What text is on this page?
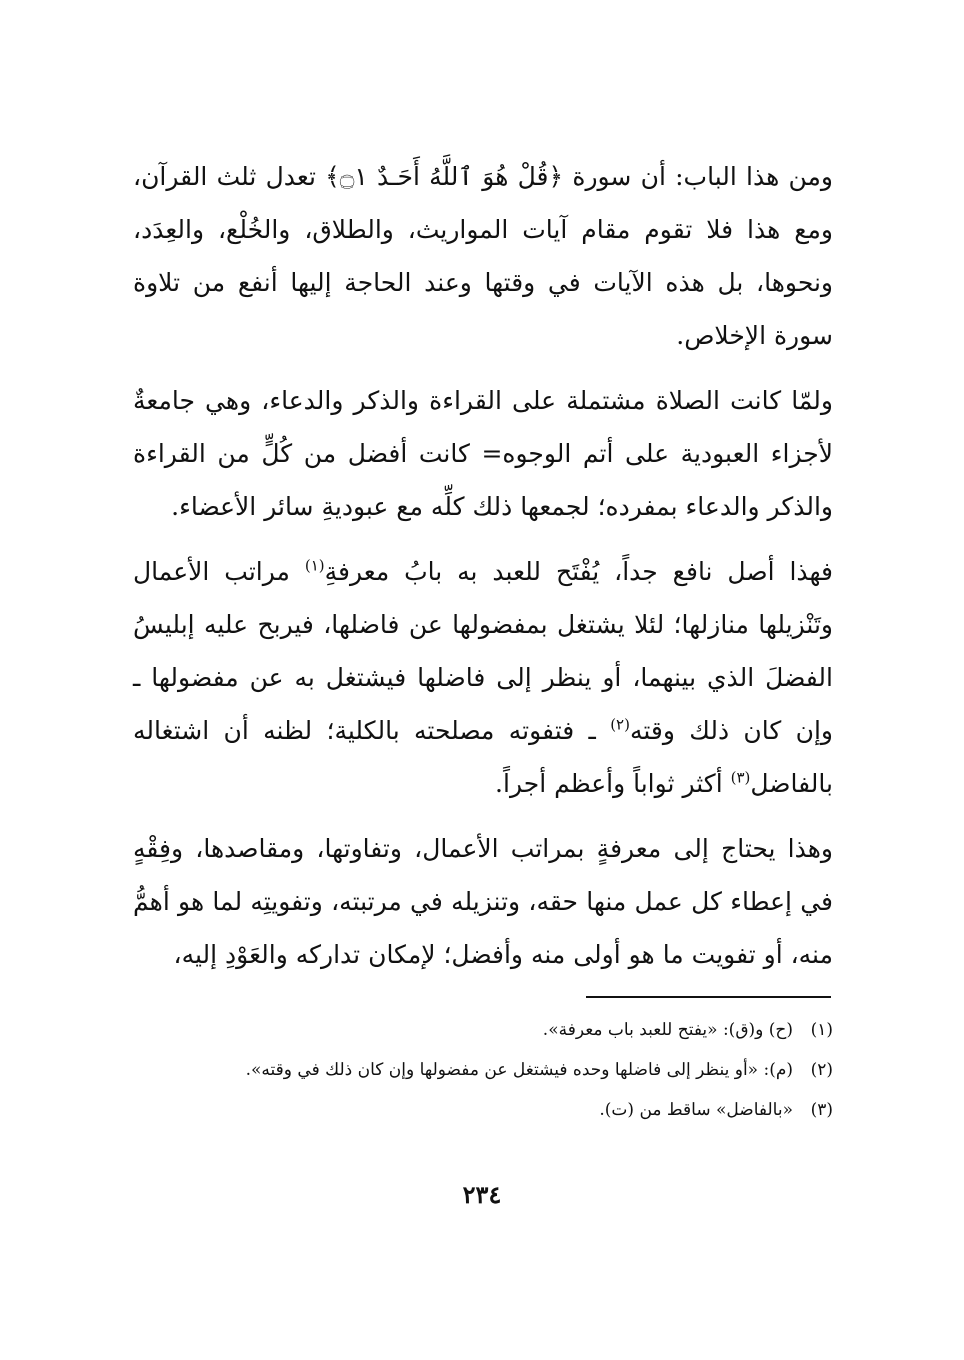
ومن هذا الباب: أن سورة ﴿قُلْ هُوَ ٱللَّهُ أَحَـدٌ ۝١﴾ تعدل ثلث القرآن، ومع هذا فلا تقوم مقام آيات المواريث، والطلاق، والخُلْع، والعِدَد، ونحوها، بل هذه الآيات في وقتها وعند الحاجة إليها أنفع من تلاوة سورة الإخلاص.

ولمّا كانت الصلاة مشتملة على القراءة والذكر والدعاء، وهي جامعةٌ لأجزاء العبودية على أتم الوجوه= كانت أفضل من كُلٍّ من القراءة والذكر والدعاء بمفرده؛ لجمعها ذلك كلِّه مع عبوديةِ سائر الأعضاء.

فهذا أصل نافع جداً، يُفْتَح للعبد به بابُ معرفةِ$^{(١)}$ مراتب الأعمال وتَنْزيلها منازلها؛ لئلا يشتغل بمفضولها عن فاضلها، فيربح عليه إبليسُ الفضلَ الذي بينهما، أو ينظر إلى فاضلها فيشتغل به عن مفضولها ـ وإن كان ذلك وقته$^{(٢)}$ ـ فتفوته مصلحته بالكلية؛ لظنه أن اشتغاله بالفاضل$^{(٣)}$ أكثر ثواباً وأعظم أجراً.

وهذا يحتاج إلى معرفةٍ بمراتب الأعمال، وتفاوتها، ومقاصدها، وفِقْهٍ في إعطاء كل عمل منها حقه، وتنزيله في مرتبته، وتفويتِه لما هو أهمُّ منه، أو تفويت ما هو أولى منه وأفضل؛ لإمكان تداركه والعَوْدِ إليه،

(١)
(ح) و(ق): «يفتح للعبد باب معرفة».
(٢)
(م): «أو ينظر إلى فاضلها وحده فيشتغل عن مفضولها وإن كان ذلك في وقته».
(٣)
«بالفاضل» ساقط من (ت).
٢٣٤
